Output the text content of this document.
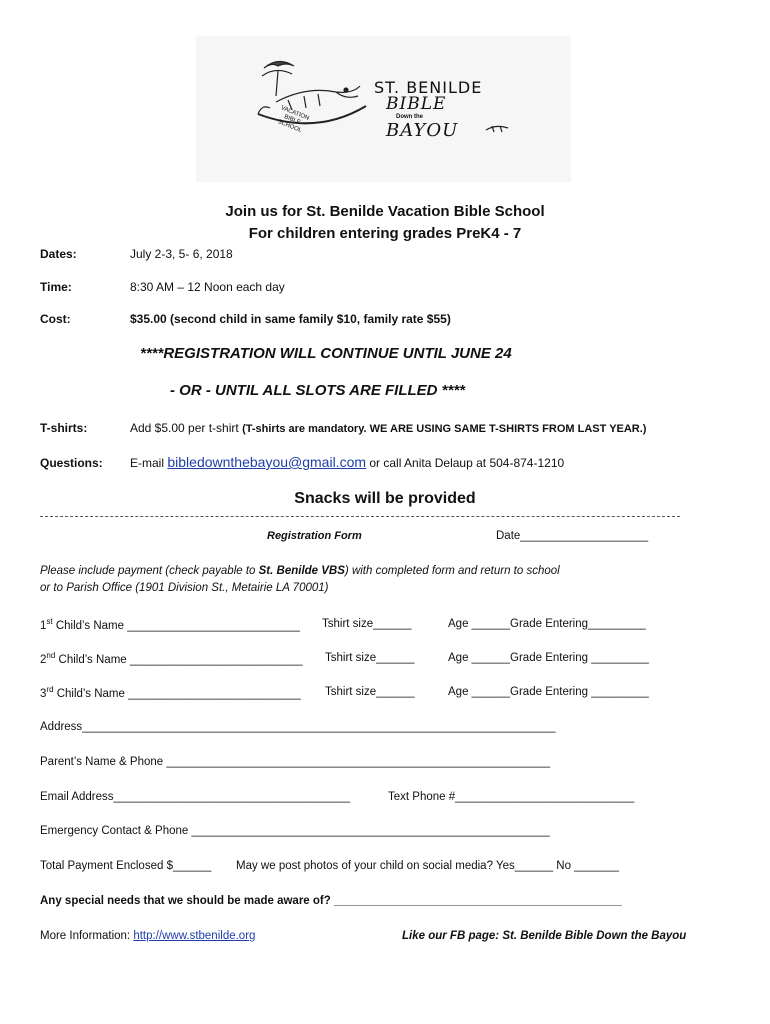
ST. BENILDE
BIBLE
Down the
BAYOU
VACATION BIBLE SCHOOL
Join us for St. Benilde Vacation Bible School
For children entering grades PreK4 - 7
Dates:	July 2-3, 5- 6, 2018
Time:	8:30 AM – 12 Noon each day
Cost:	$35.00 (second child in same family $10, family rate $55)
****REGISTRATION WILL CONTINUE UNTIL JUNE 24
- OR - UNTIL ALL SLOTS ARE FILLED ****
T-shirts:	Add $5.00 per t-shirt (T-shirts are mandatory. WE ARE USING SAME T-SHIRTS FROM LAST YEAR.)
Questions: E-mail bibledownthebayou@gmail.com or call Anita Delaup at 504-874-1210
Snacks will be provided
Registration Form	Date____________________
Please include payment (check payable to St. Benilde VBS) with completed form and return to school
or to Parish Office (1901 Division St., Metairie LA 70001)
1st Child’s Name ___________________________ Tshirt size______	Age ______Grade Entering_________
2nd Child’s Name ___________________________ Tshirt size______	Age ______Grade Entering _________
3rd Child’s Name ___________________________ Tshirt size______	Age ______Grade Entering _________
Address__________________________________________________________________________
Parent’s Name & Phone ____________________________________________________________
Email Address_____________________________________	Text Phone #____________________________
Emergency Contact & Phone ________________________________________________________
Total Payment Enclosed $______ May we post photos of your child on social media? Yes______ No _______
Any special needs that we should be made aware of? _____________________________________________
More Information: http://www.stbenilde.org	Like our FB page: St. Benilde Bible Down the Bayou
